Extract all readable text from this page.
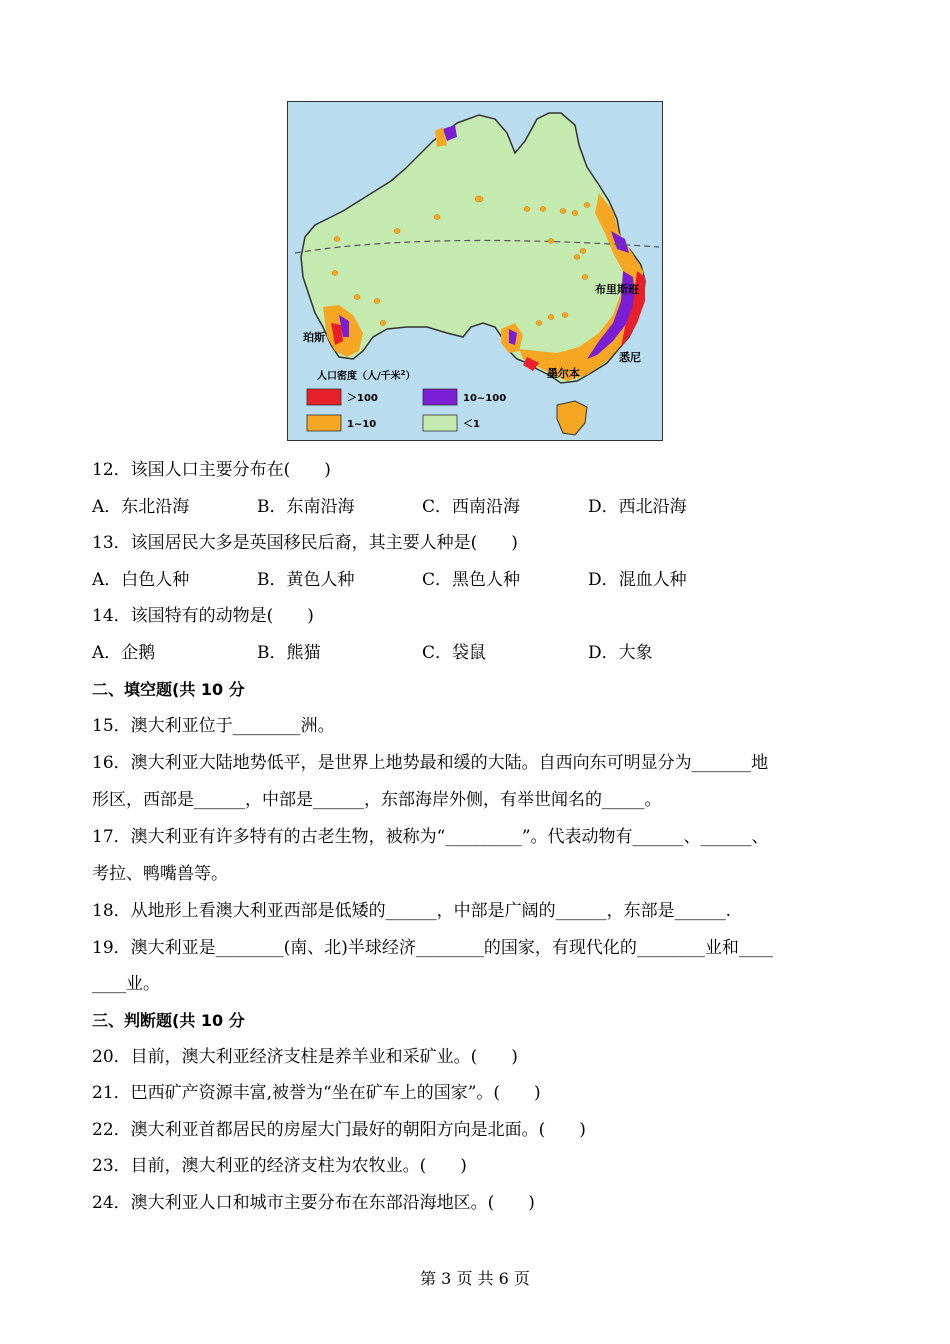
布里斯班
珀斯
悉尼
墨尔本
人口密度（人/千米$^2$）
＞100	10~100
1~10	＜1
12．该国人口主要分布在(　　)
A．东北沿海	B．东南沿海	C．西南沿海	D．西北沿海
13．该国居民大多是英国移民后裔，其主要人种是(　　)
A．白色人种	B．黄色人种	C．黑色人种	D．混血人种
14．该国特有的动物是(　　)
A．企鹅	B．熊猫	C．袋鼠	D．大象
二、填空题(共 10 分
15．澳大利亚位于________洲。
16．澳大利亚大陆地势低平，是世界上地势最和缓的大陆。自西向东可明显分为_______地
形区，西部是______，中部是______，东部海岸外侧，有举世闻名的_____。
17．澳大利亚有许多特有的古老生物，被称为“_________”。代表动物有______、______、
考拉、鸭嘴兽等。
18．从地形上看澳大利亚西部是低矮的______，中部是广阔的______，东部是______.
19．澳大利亚是________(南、北)半球经济________的国家，有现代化的________业和____
____业。
三、判断题(共 10 分
20．目前，澳大利亚经济支柱是养羊业和采矿业。(　　)
21．巴西矿产资源丰富,被誉为“坐在矿车上的国家”。(　　)
22．澳大利亚首都居民的房屋大门最好的朝阳方向是北面。(　　)
23．目前，澳大利亚的经济支柱为农牧业。(　　)
24．澳大利亚人口和城市主要分布在东部沿海地区。(　　)
第 3 页 共 6 页
